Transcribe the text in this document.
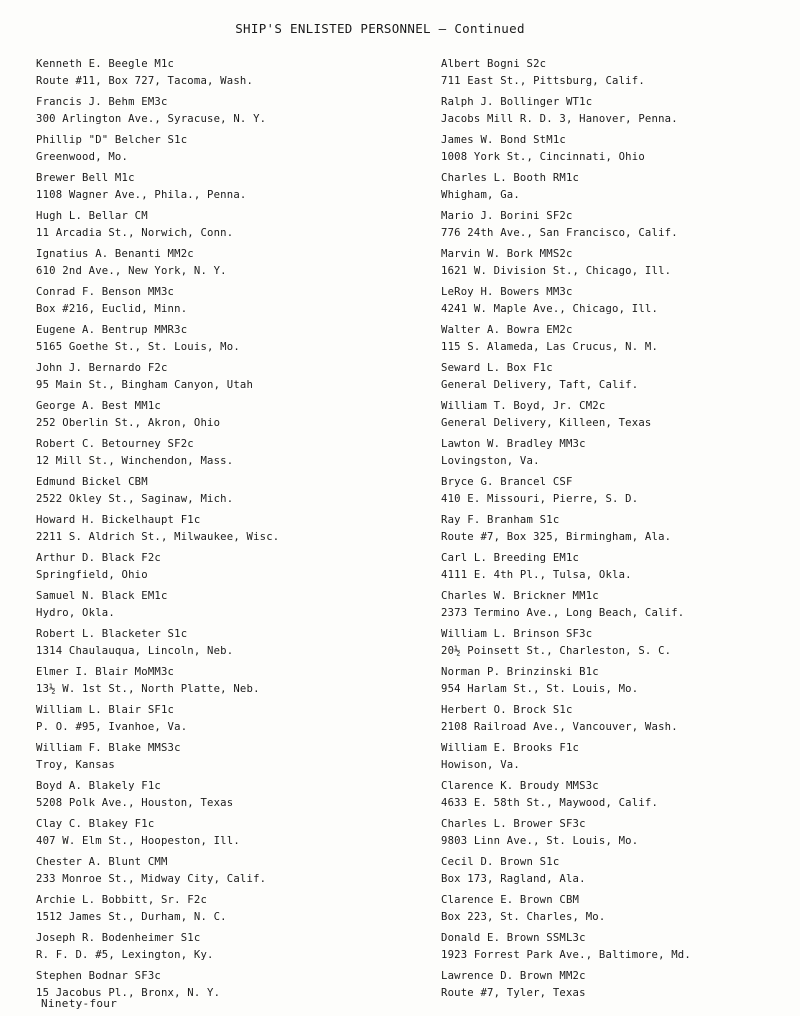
SHIP'S ENLISTED PERSONNEL — Continued
Kenneth E. Beegle M1c
Route #11, Box 727, Tacoma, Wash.
Francis J. Behm EM3c
300 Arlington Ave., Syracuse, N. Y.
Phillip "D" Belcher S1c
Greenwood, Mo.
Brewer Bell M1c
1108 Wagner Ave., Phila., Penna.
Hugh L. Bellar CM
11 Arcadia St., Norwich, Conn.
Ignatius A. Benanti MM2c
610 2nd Ave., New York, N. Y.
Conrad F. Benson MM3c
Box #216, Euclid, Minn.
Eugene A. Bentrup MMR3c
5165 Goethe St., St. Louis, Mo.
John J. Bernardo F2c
95 Main St., Bingham Canyon, Utah
George A. Best MM1c
252 Oberlin St., Akron, Ohio
Robert C. Betourney SF2c
12 Mill St., Winchendon, Mass.
Edmund Bickel CBM
2522 Okley St., Saginaw, Mich.
Howard H. Bickelhaupt F1c
2211 S. Aldrich St., Milwaukee, Wisc.
Arthur D. Black F2c
Springfield, Ohio
Samuel N. Black EM1c
Hydro, Okla.
Robert L. Blacketer S1c
1314 Chaulauqua, Lincoln, Neb.
Elmer I. Blair MoMM3c
13½ W. 1st St., North Platte, Neb.
William L. Blair SF1c
P. O. #95, Ivanhoe, Va.
William F. Blake MMS3c
Troy, Kansas
Boyd A. Blakely F1c
5208 Polk Ave., Houston, Texas
Clay C. Blakey F1c
407 W. Elm St., Hoopeston, Ill.
Chester A. Blunt CMM
233 Monroe St., Midway City, Calif.
Archie L. Bobbitt, Sr. F2c
1512 James St., Durham, N. C.
Joseph R. Bodenheimer S1c
R. F. D. #5, Lexington, Ky.
Stephen Bodnar SF3c
15 Jacobus Pl., Bronx, N. Y.
Albert Bogni S2c
711 East St., Pittsburg, Calif.
Ralph J. Bollinger WT1c
Jacobs Mill R. D. 3, Hanover, Penna.
James W. Bond StM1c
1008 York St., Cincinnati, Ohio
Charles L. Booth RM1c
Whigham, Ga.
Mario J. Borini SF2c
776 24th Ave., San Francisco, Calif.
Marvin W. Bork MMS2c
1621 W. Division St., Chicago, Ill.
LeRoy H. Bowers MM3c
4241 W. Maple Ave., Chicago, Ill.
Walter A. Bowra EM2c
115 S. Alameda, Las Crucus, N. M.
Seward L. Box F1c
General Delivery, Taft, Calif.
William T. Boyd, Jr. CM2c
General Delivery, Killeen, Texas
Lawton W. Bradley MM3c
Lovingston, Va.
Bryce G. Brancel CSF
410 E. Missouri, Pierre, S. D.
Ray F. Branham S1c
Route #7, Box 325, Birmingham, Ala.
Carl L. Breeding EM1c
4111 E. 4th Pl., Tulsa, Okla.
Charles W. Brickner MM1c
2373 Termino Ave., Long Beach, Calif.
William L. Brinson SF3c
20½ Poinsett St., Charleston, S. C.
Norman P. Brinzinski B1c
954 Harlam St., St. Louis, Mo.
Herbert O. Brock S1c
2108 Railroad Ave., Vancouver, Wash.
William E. Brooks F1c
Howison, Va.
Clarence K. Broudy MMS3c
4633 E. 58th St., Maywood, Calif.
Charles L. Brower SF3c
9803 Linn Ave., St. Louis, Mo.
Cecil D. Brown S1c
Box 173, Ragland, Ala.
Clarence E. Brown CBM
Box 223, St. Charles, Mo.
Donald E. Brown SSML3c
1923 Forrest Park Ave., Baltimore, Md.
Lawrence D. Brown MM2c
Route #7, Tyler, Texas
Ninety-four
